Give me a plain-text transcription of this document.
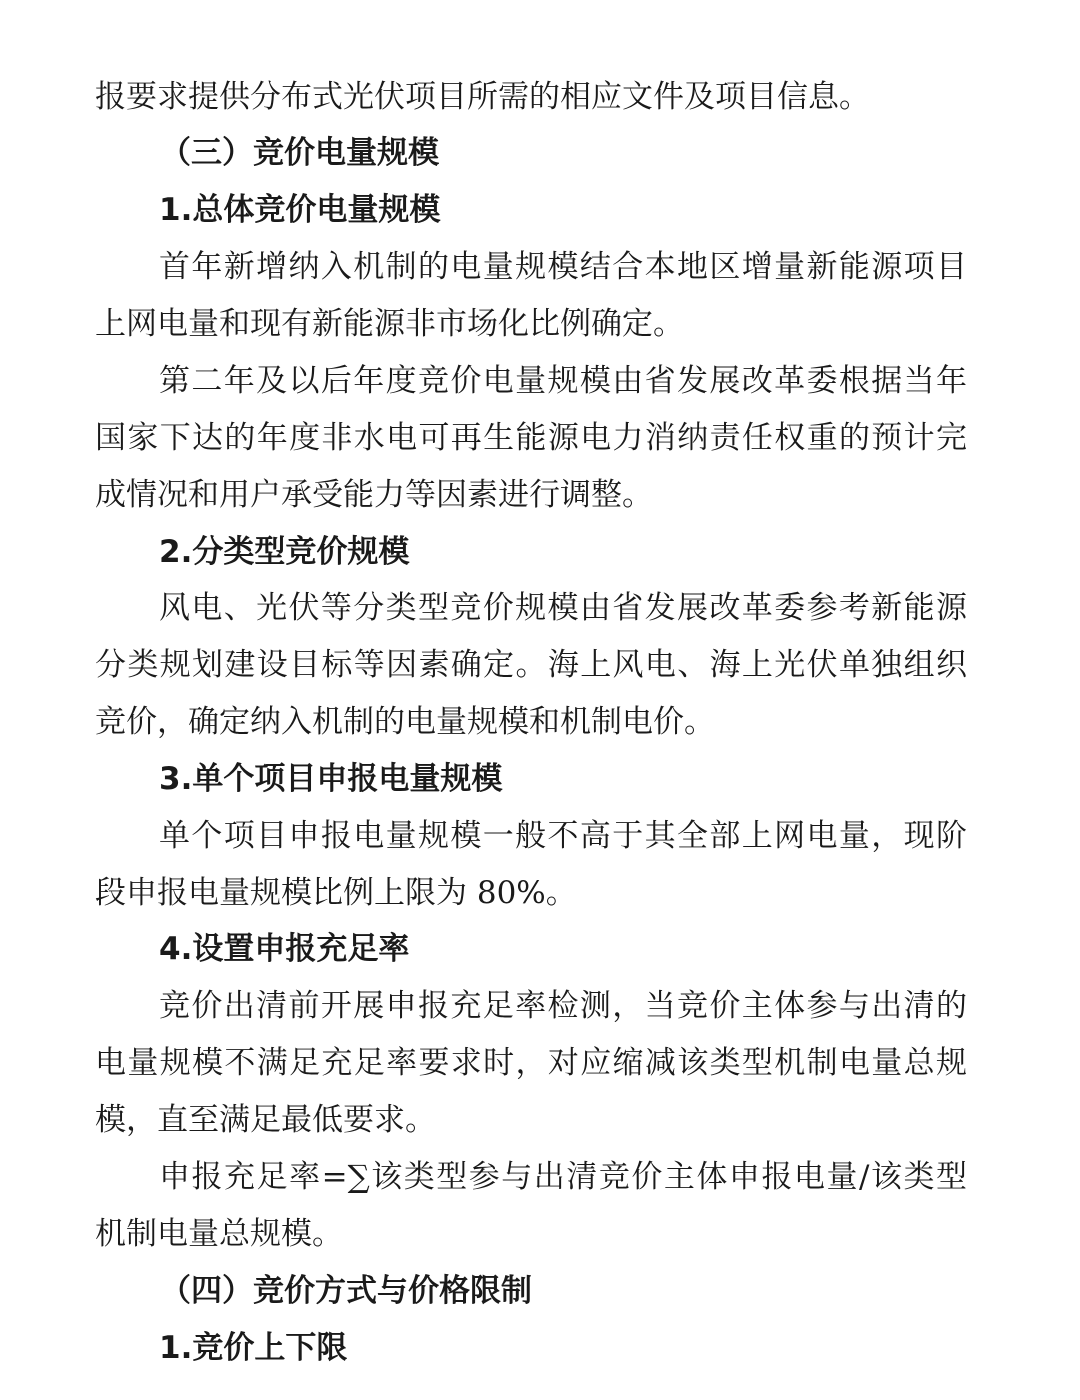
报要求提供分布式光伏项目所需的相应文件及项目信息。
（三）竞价电量规模
1.总体竞价电量规模
首年新增纳入机制的电量规模结合本地区增量新能源项目
上网电量和现有新能源非市场化比例确定。
第二年及以后年度竞价电量规模由省发展改革委根据当年
国家下达的年度非水电可再生能源电力消纳责任权重的预计完
成情况和用户承受能力等因素进行调整。
2.分类型竞价规模
风电、光伏等分类型竞价规模由省发展改革委参考新能源
分类规划建设目标等因素确定。海上风电、海上光伏单独组织
竞价，确定纳入机制的电量规模和机制电价。
3.单个项目申报电量规模
单个项目申报电量规模一般不高于其全部上网电量，现阶
段申报电量规模比例上限为 80%。
4.设置申报充足率
竞价出清前开展申报充足率检测，当竞价主体参与出清的
电量规模不满足充足率要求时，对应缩减该类型机制电量总规
模，直至满足最低要求。
申报充足率=∑该类型参与出清竞价主体申报电量/该类型
机制电量总规模。
（四）竞价方式与价格限制
1.竞价上下限
